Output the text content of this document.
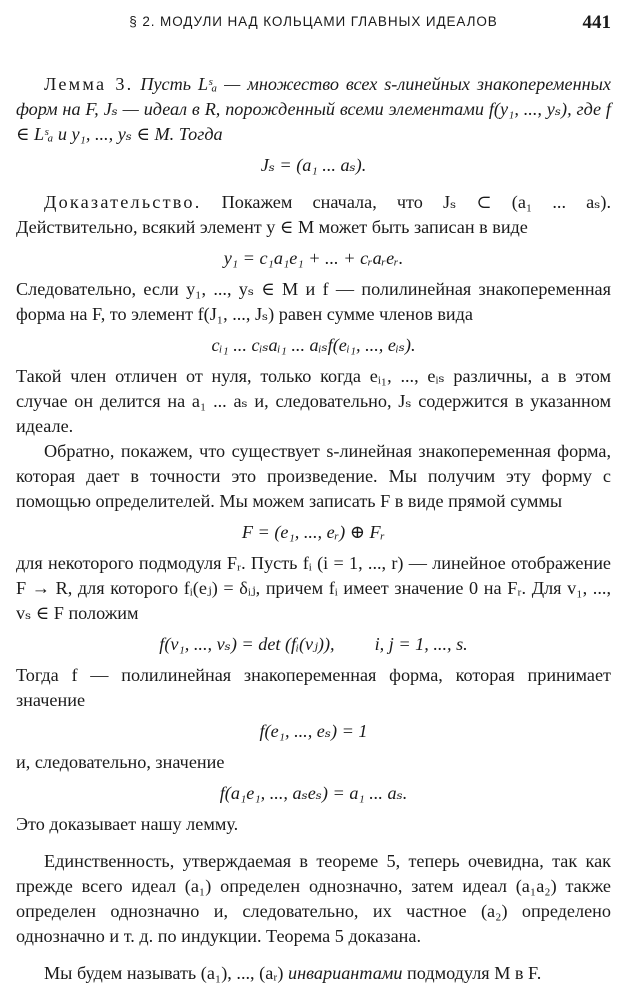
§ 2. МОДУЛИ НАД КОЛЬЦАМИ ГЛАВНЫХ ИДЕАЛОВ	441

Лемма 3. Пусть Lˢₐ — множество всех s-линейных знакопеременных форм на F, Jₛ — идеал в R, порожденный всеми элементами f(y₁, ..., yₛ), где f ∈ Lˢₐ и y₁, ..., yₛ ∈ M. Тогда

Jₛ = (a₁ ... aₛ).

Доказательство. Покажем сначала, что Jₛ ⊂ (a₁ ... aₛ). Действительно, всякий элемент y ∈ M может быть записан в виде

y₁ = c₁a₁e₁ + ... + cᵣaᵣeᵣ.

Следовательно, если y₁, ..., yₛ ∈ M и f — полилинейная знакопеременная форма на F, то элемент f(J₁, ..., Jₛ) равен сумме членов вида

cᵢ₁ ... cᵢₛaᵢ₁ ... aᵢₛf(eᵢ₁, ..., eᵢₛ).

Такой член отличен от нуля, только когда eᵢ₁, ..., eᵢₛ различны, а в этом случае он делится на a₁ ... aₛ и, следовательно, Jₛ содержится в указанном идеале.

Обратно, покажем, что существует s-линейная знакопеременная форма, которая дает в точности это произведение. Мы получим эту форму с помощью определителей. Мы можем записать F в виде прямой суммы

F = (e₁, ..., eᵣ) ⊕ Fᵣ

для некоторого подмодуля Fᵣ. Пусть fᵢ (i = 1, ..., r) — линейное отображение F → R, для которого fᵢ(eⱼ) = δᵢⱼ, причем fᵢ имеет значение 0 на Fᵣ. Для v₁, ..., vₛ ∈ F положим

f(v₁, ..., vₛ) = det (fᵢ(vⱼ)), i, j = 1, ..., s.

Тогда f — полилинейная знакопеременная форма, которая принимает значение

f(e₁, ..., eₛ) = 1

и, следовательно, значение

f(a₁e₁, ..., aₛeₛ) = a₁ ... aₛ.

Это доказывает нашу лемму.

Единственность, утверждаемая в теореме 5, теперь очевидна, так как прежде всего идеал (a₁) определен однозначно, затем идеал (a₁a₂) также определен однозначно и, следовательно, их частное (a₂) определено однозначно и т. д. по индукции. Теорема 5 доказана.

Мы будем называть (a₁), ..., (aᵣ) инвариантами подмодуля M в F.
